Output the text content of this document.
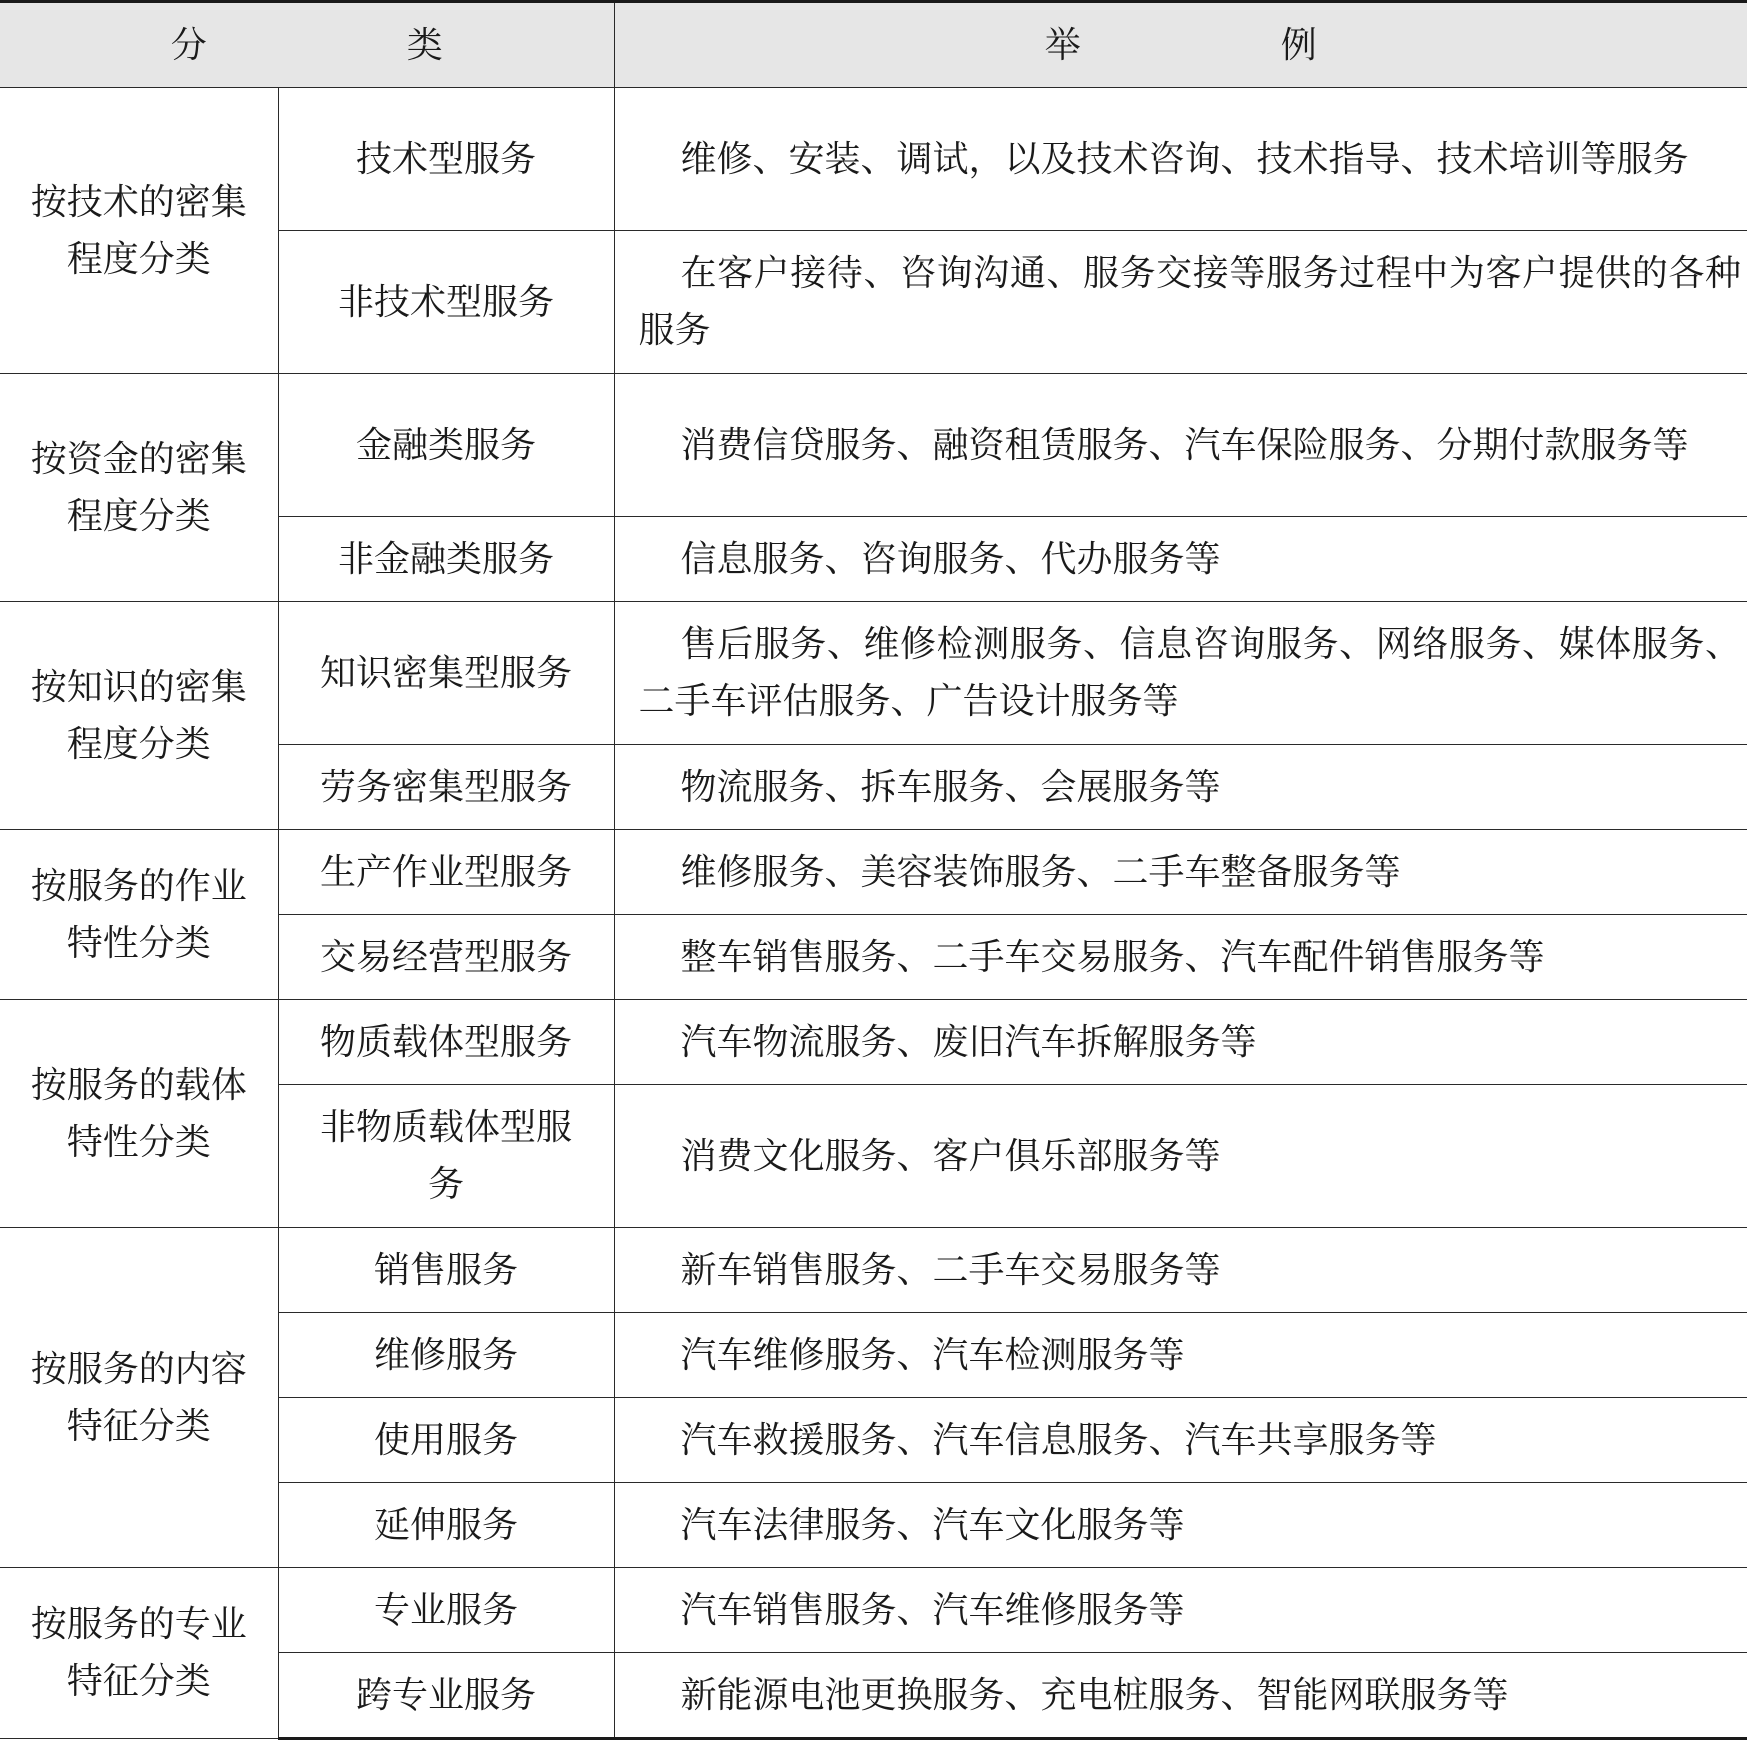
分　类		举　例
按技术的密集程度分类	技术型服务	维修、安装、调试，以及技术咨询、技术指导、技术培训等服务
	非技术型服务	在客户接待、咨询沟通、服务交接等服务过程中为客户提供的各种服务
按资金的密集程度分类	金融类服务	消费信贷服务、融资租赁服务、汽车保险服务、分期付款服务等
	非金融类服务	信息服务、咨询服务、代办服务等
按知识的密集程度分类	知识密集型服务	售后服务、维修检测服务、信息咨询服务、网络服务、媒体服务、二手车评估服务、广告设计服务等
	劳务密集型服务	物流服务、拆车服务、会展服务等
按服务的作业特性分类	生产作业型服务	维修服务、美容装饰服务、二手车整备服务等
	交易经营型服务	整车销售服务、二手车交易服务、汽车配件销售服务等
按服务的载体特性分类	物质载体型服务	汽车物流服务、废旧汽车拆解服务等
	非物质载体型服务	消费文化服务、客户俱乐部服务等
按服务的内容特征分类	销售服务	新车销售服务、二手车交易服务等
	维修服务	汽车维修服务、汽车检测服务等
	使用服务	汽车救援服务、汽车信息服务、汽车共享服务等
	延伸服务	汽车法律服务、汽车文化服务等
按服务的专业特征分类	专业服务	汽车销售服务、汽车维修服务等
	跨专业服务	新能源电池更换服务、充电桩服务、智能网联服务等
